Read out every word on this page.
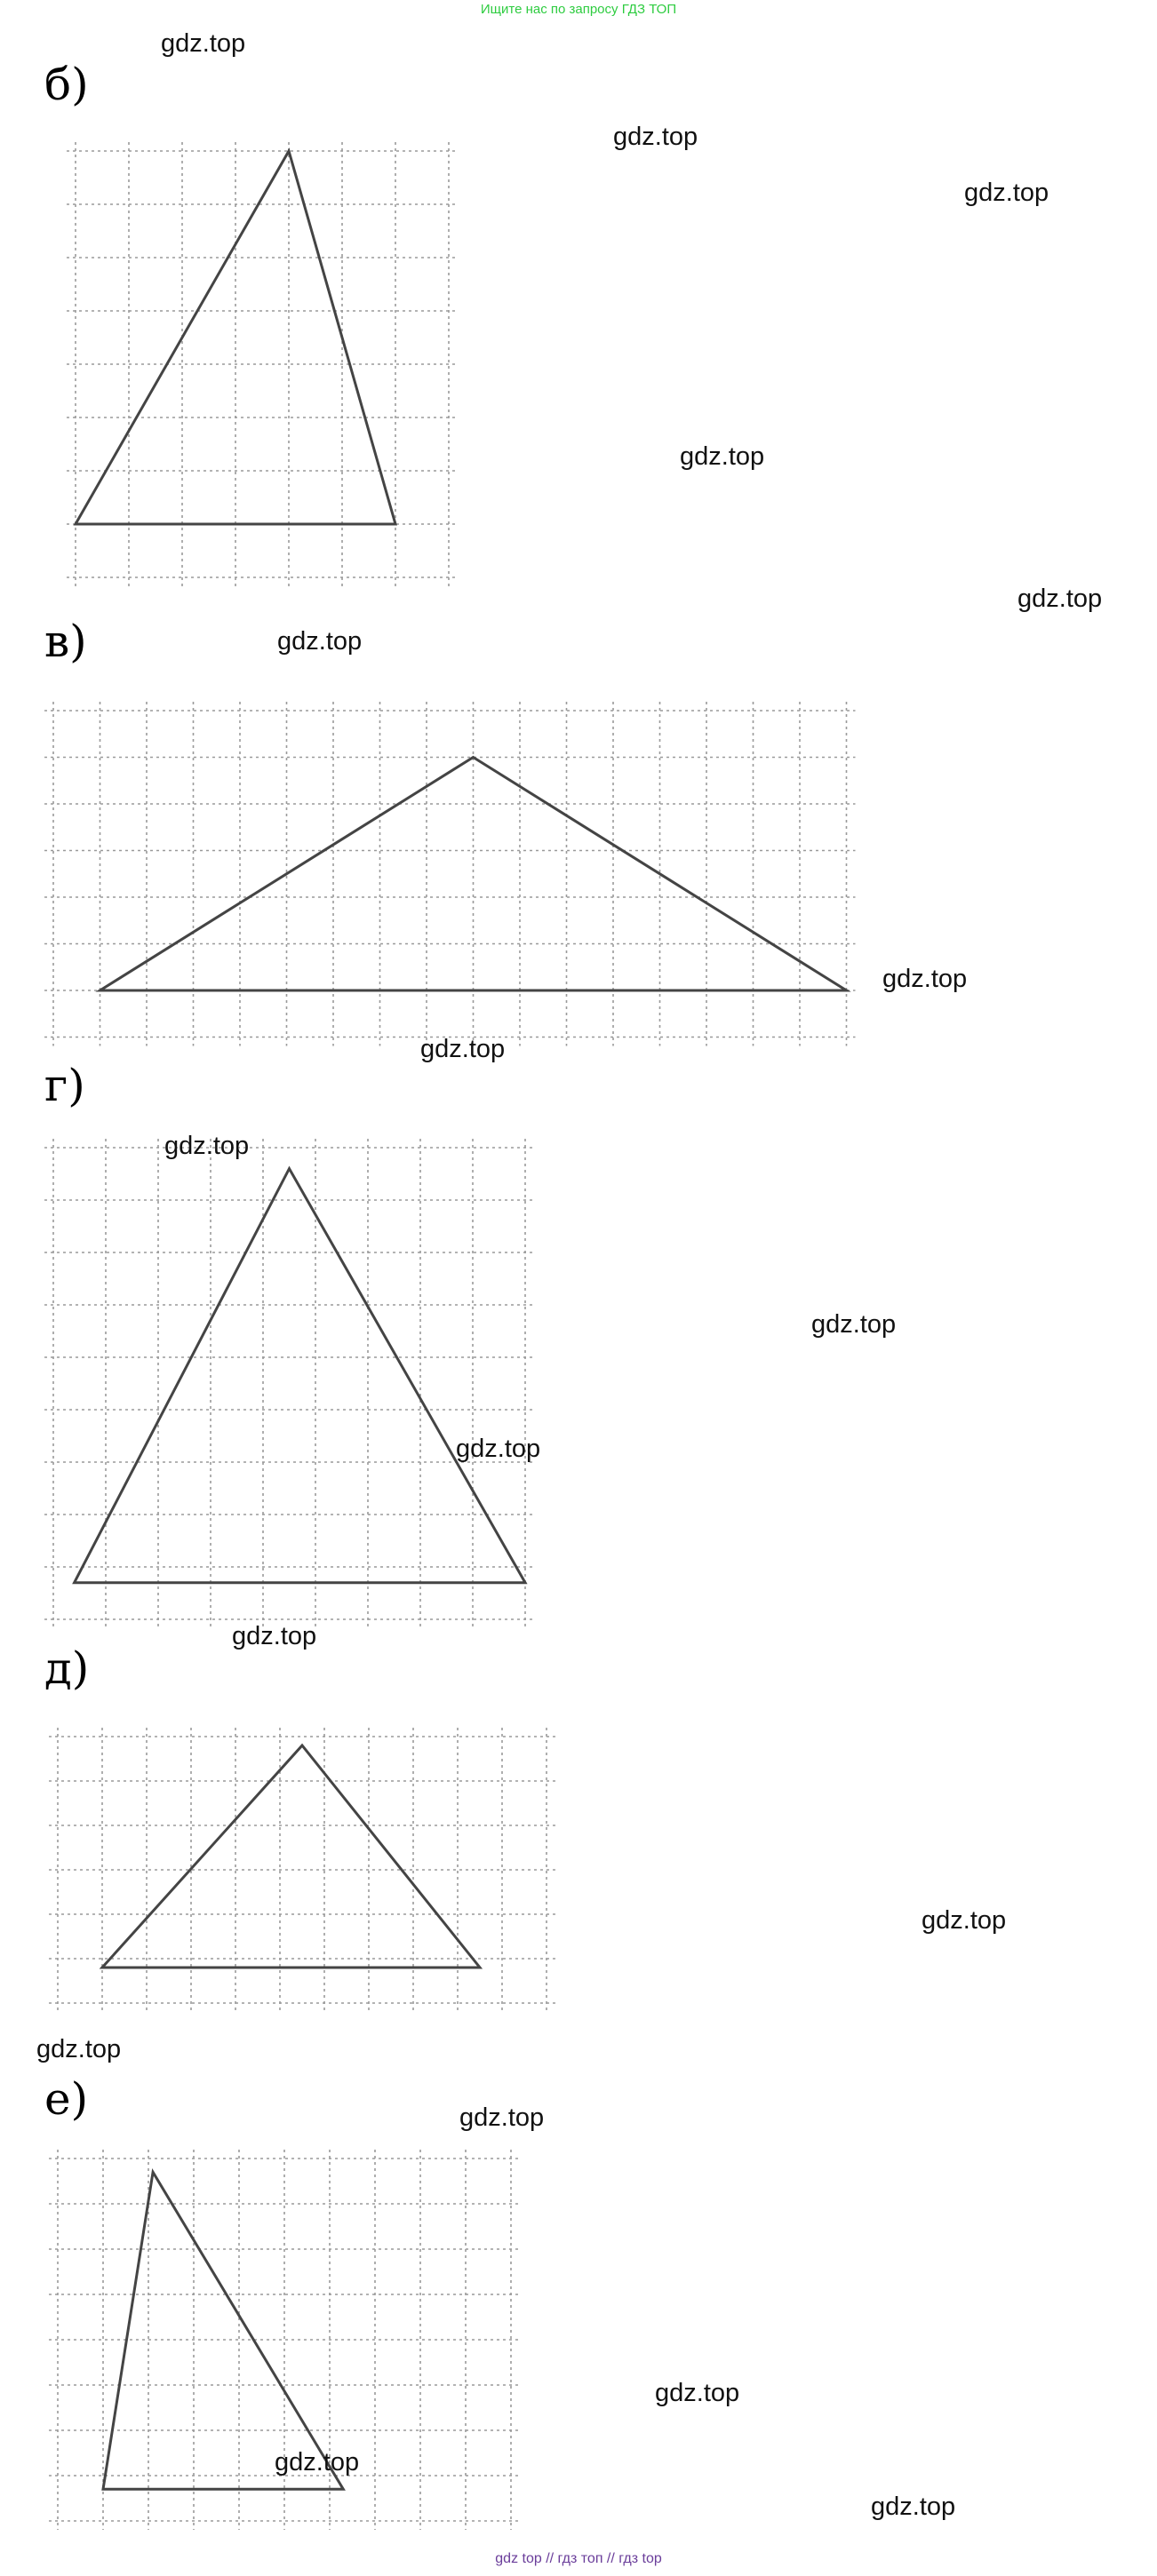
Ищите нас по запросу ГДЗ ТОП
б)
в)
г)
д)
е)
gdz.top
gdz.top
gdz.top
gdz.top
gdz.top
gdz.top
gdz.top
gdz.top
gdz.top
gdz.top
gdz.top
gdz.top
gdz.top
gdz.top
gdz.top
gdz.top
gdz.top
gdz.top
gdz top // гдз топ // гдз top
